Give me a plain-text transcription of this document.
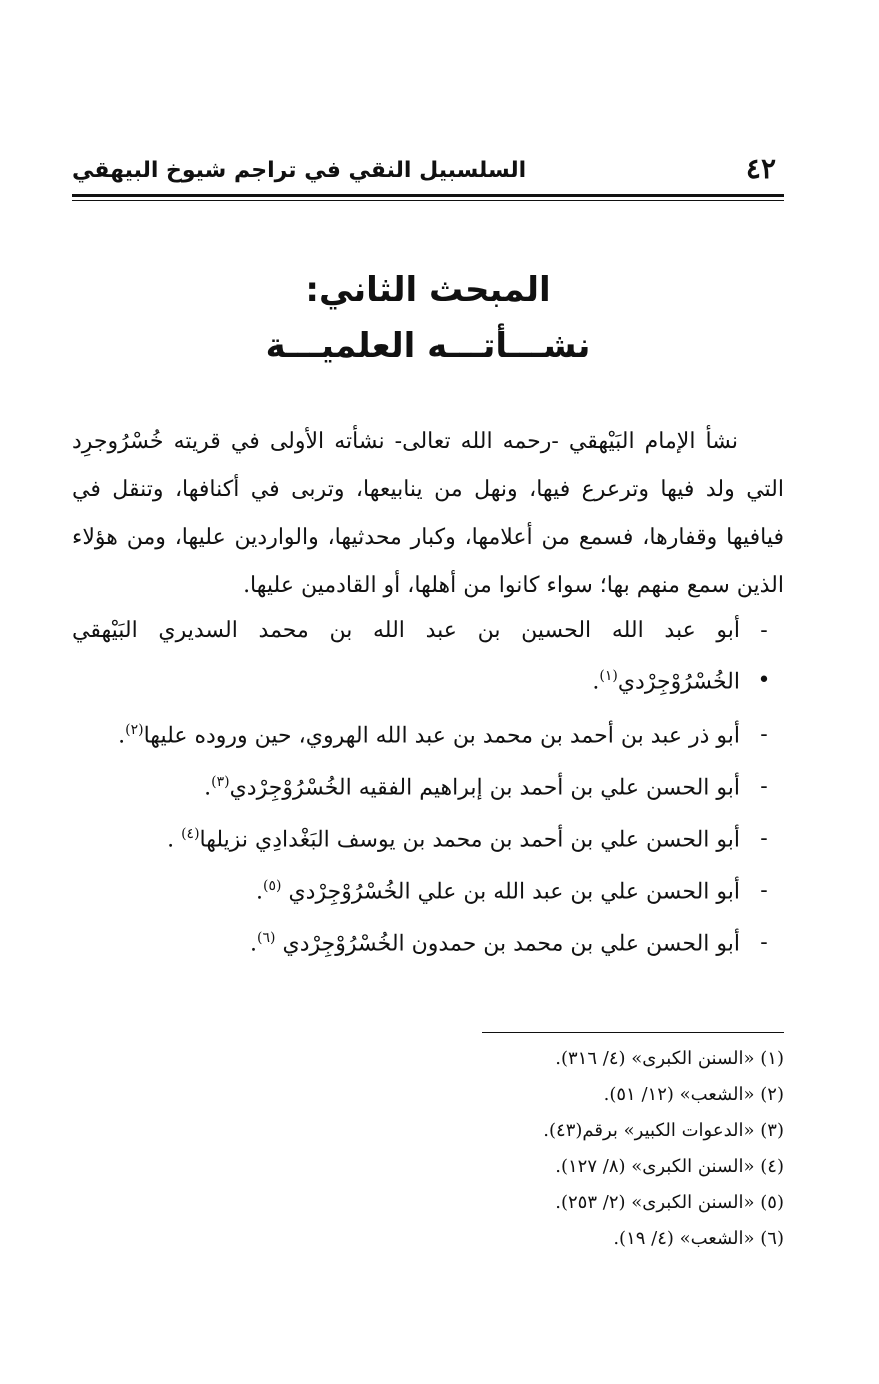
٤٢
السلسبيل النقي في تراجم شيوخ البيهقي
المبحث الثاني:
نشـــأتـــه العلميـــة

نشأ الإمام البَيْهقي -رحمه الله تعالى- نشأته الأولى في قريته خُسْرُوجرِد التي ولد فيها وترعرع فيها، ونهل من ينابيعها، وتربى في أكنافها، وتنقل في فيافيها وقفارها، فسمع من أعلامها، وكبار محدثيها، والواردين عليها، ومن هؤلاء الذين سمع منهم بها؛ سواء كانوا من أهلها، أو القادمين عليها.

-
أبو عبد الله الحسين بن عبد الله بن محمد السديري البَيْهقي
•
الخُسْرُوْجِرْدي$^{(١)}$.
-
أبو ذر عبد بن أحمد بن محمد بن عبد الله الهروي، حين وروده عليها$^{(٢)}$.
-
أبو الحسن علي بن أحمد بن إبراهيم الفقيه الخُسْرُوْجِرْدي$^{(٣)}$.
-
أبو الحسن علي بن أحمد بن محمد بن يوسف البَغْدادِي نزيلها$^{(٤)}$ .
-
أبو الحسن علي بن عبد الله بن علي الخُسْرُوْجِرْدي $^{(٥)}$.
-
أبو الحسن علي بن محمد بن حمدون الخُسْرُوْجِرْدي $^{(٦)}$.
(١) «السنن الكبرى» (٤/ ٣١٦).
(٢) «الشعب» (١٢/ ٥١).
(٣) «الدعوات الكبير» برقم(٤٣).
(٤) «السنن الكبرى» (٨/ ١٢٧).
(٥) «السنن الكبرى» (٢/ ٢٥٣).
(٦) «الشعب» (٤/ ١٩).
